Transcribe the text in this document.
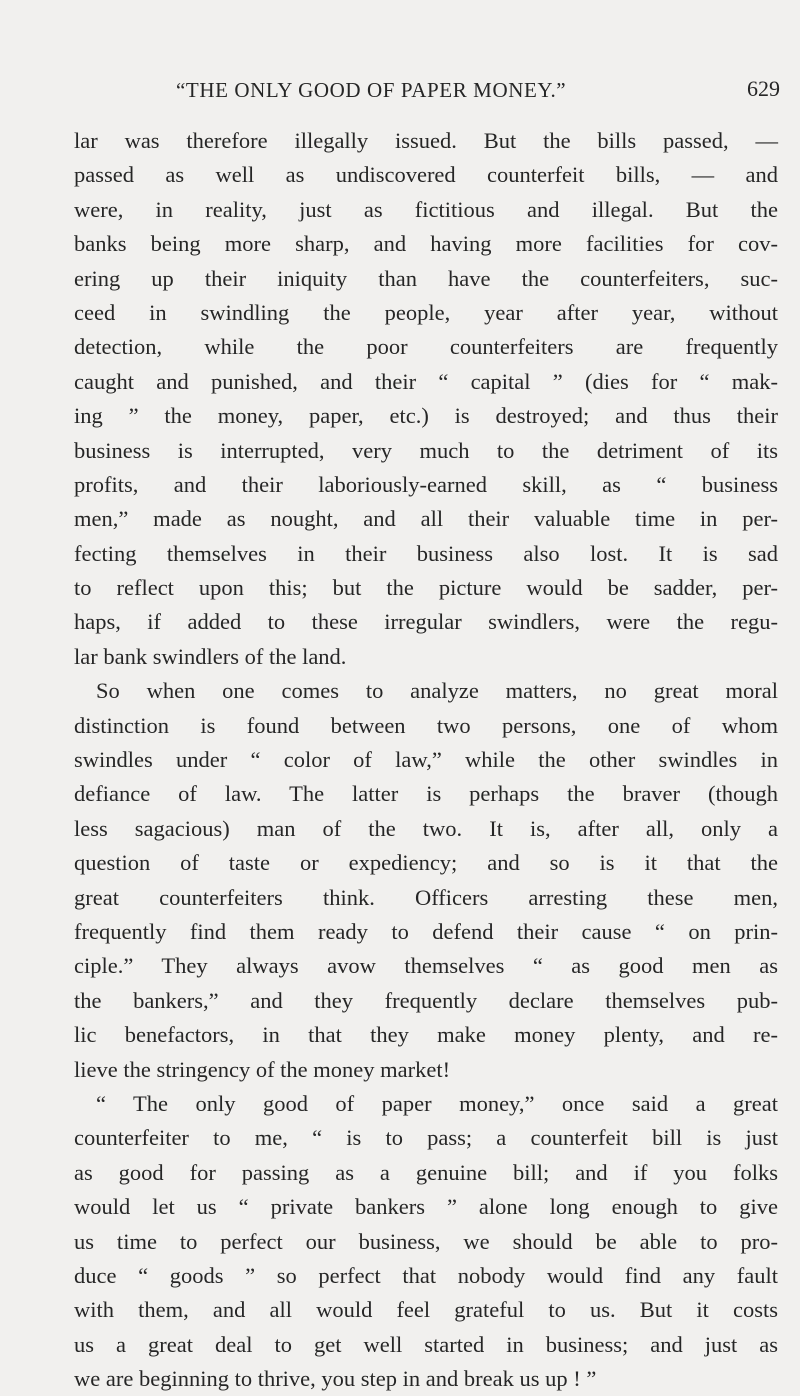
“THE ONLY GOOD OF PAPER MONEY.”	629
lar was therefore illegally issued. But the bills passed, —
passed as well as undiscovered counterfeit bills, — and
were, in reality, just as fictitious and illegal. But the
banks being more sharp, and having more facilities for cov-
ering up their iniquity than have the counterfeiters, suc-
ceed in swindling the people, year after year, without
detection, while the poor counterfeiters are frequently
caught and punished, and their “ capital ” (dies for “ mak-
ing ” the money, paper, etc.) is destroyed; and thus their
business is interrupted, very much to the detriment of its
profits, and their laboriously-earned skill, as “ business
men,” made as nought, and all their valuable time in per-
fecting themselves in their business also lost. It is sad
to reflect upon this; but the picture would be sadder, per-
haps, if added to these irregular swindlers, were the regu-
lar bank swindlers of the land.
So when one comes to analyze matters, no great moral
distinction is found between two persons, one of whom
swindles under “ color of law,” while the other swindles in
defiance of law. The latter is perhaps the braver (though
less sagacious) man of the two. It is, after all, only a
question of taste or expediency; and so is it that the
great counterfeiters think. Officers arresting these men,
frequently find them ready to defend their cause “ on prin-
ciple.” They always avow themselves “ as good men as
the bankers,” and they frequently declare themselves pub-
lic benefactors, in that they make money plenty, and re-
lieve the stringency of the money market!
“ The only good of paper money,” once said a great
counterfeiter to me, “ is to pass; a counterfeit bill is just
as good for passing as a genuine bill; and if you folks
would let us “ private bankers ” alone long enough to give
us time to perfect our business, we should be able to pro-
duce “ goods ” so perfect that nobody would find any fault
with them, and all would feel grateful to us. But it costs
us a great deal to get well started in business; and just as
we are beginning to thrive, you step in and break us up ! ”
